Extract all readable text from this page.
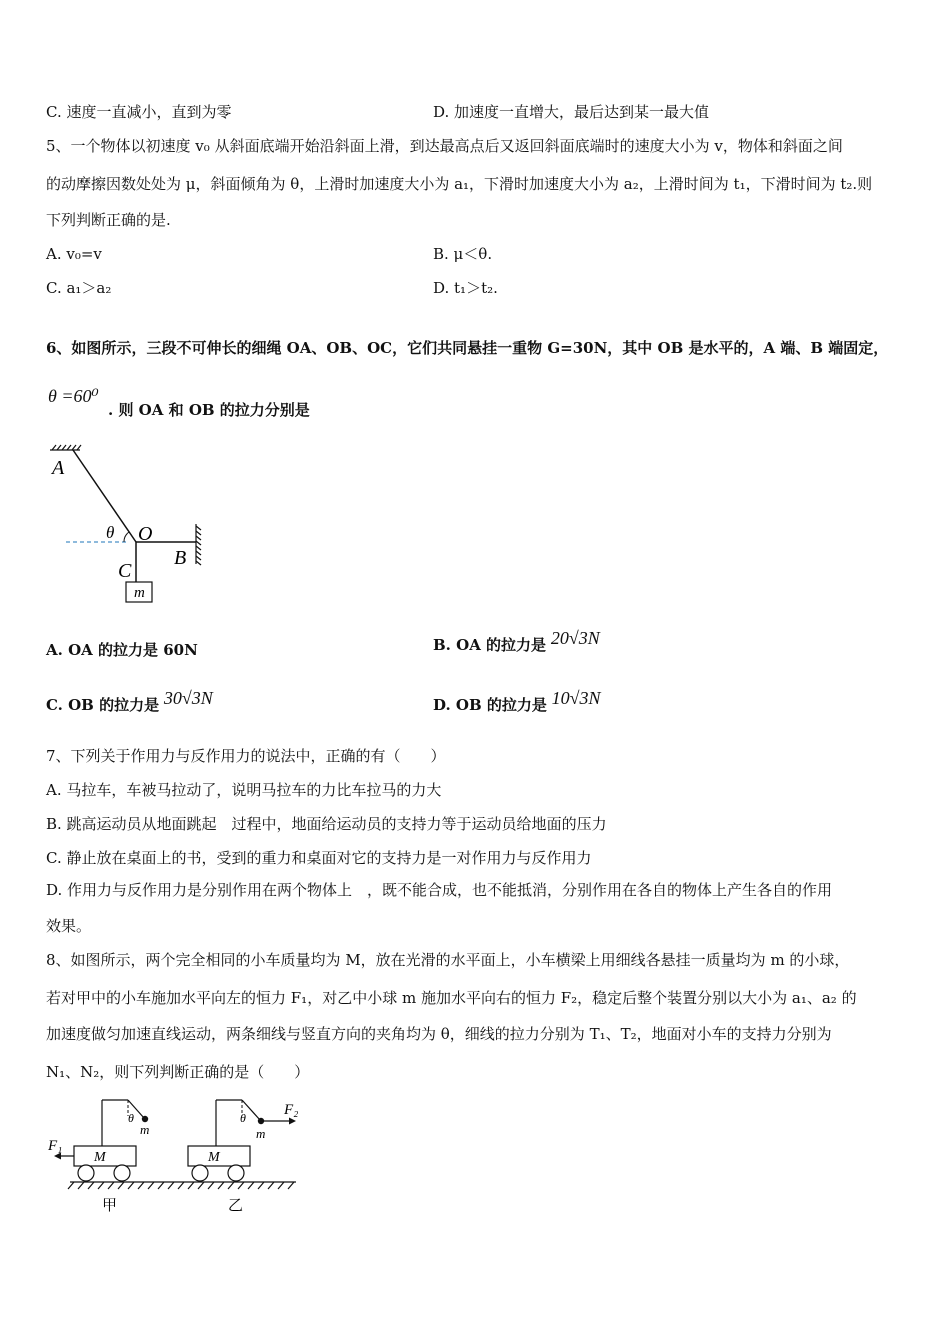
C. 速度一直减小，直到为零	D. 加速度一直增大，最后达到某一最大值
5、一个物体以初速度 v₀ 从斜面底端开始沿斜面上滑，到达最高点后又返回斜面底端时的速度大小为 v，物体和斜面之间
的动摩擦因数处处为 μ，斜面倾角为 θ，上滑时加速度大小为 a₁，下滑时加速度大小为 a₂，上滑时间为 t₁，下滑时间为 t₂.则
下列判断正确的是.
A. v₀=v	B. μ＜θ.
C. a₁＞a₂	D. t₁＞t₂.
6、如图所示，三段不可伸长的细绳 OA、OB、OC，它们共同悬挂一重物 G=30N，其中 OB 是水平的，A 端、B 端固定，
θ =60⁰
. 则 OA 和 OB 的拉力分别是
A
θ O
B
C
m
A. OA 的拉力是 60N	B. OA 的拉力是 20√3N
C. OB 的拉力是 30√3N	D. OB 的拉力是 10√3N
7、下列关于作用力与反作用力的说法中，正确的有（　　）
A. 马拉车，车被马拉动了，说明马拉车的力比车拉马的力大
B. 跳高运动员从地面跳起　过程中，地面给运动员的支持力等于运动员给地面的压力
C. 静止放在桌面上的书，受到的重力和桌面对它的支持力是一对作用力与反作用力
D. 作用力与反作用力是分别作用在两个物体上　，既不能合成，也不能抵消，分别作用在各自的物体上产生各自的作用
效果。
8、如图所示，两个完全相同的小车质量均为 M，放在光滑的水平面上，小车横梁上用细线各悬挂一质量均为 m 的小球，
若对甲中的小车施加水平向左的恒力 F₁，对乙中小球 m 施加水平向右的恒力 F₂，稳定后整个装置分别以大小为 a₁、a₂ 的
加速度做匀加速直线运动，两条细线与竖直方向的夹角均为 θ，细线的拉力分别为 T₁、T₂，地面对小车的支持力分别为
N₁、N₂，则下列判断正确的是（　　）
F₁
θ
m
M
甲
F₂
θ
m
M
乙
